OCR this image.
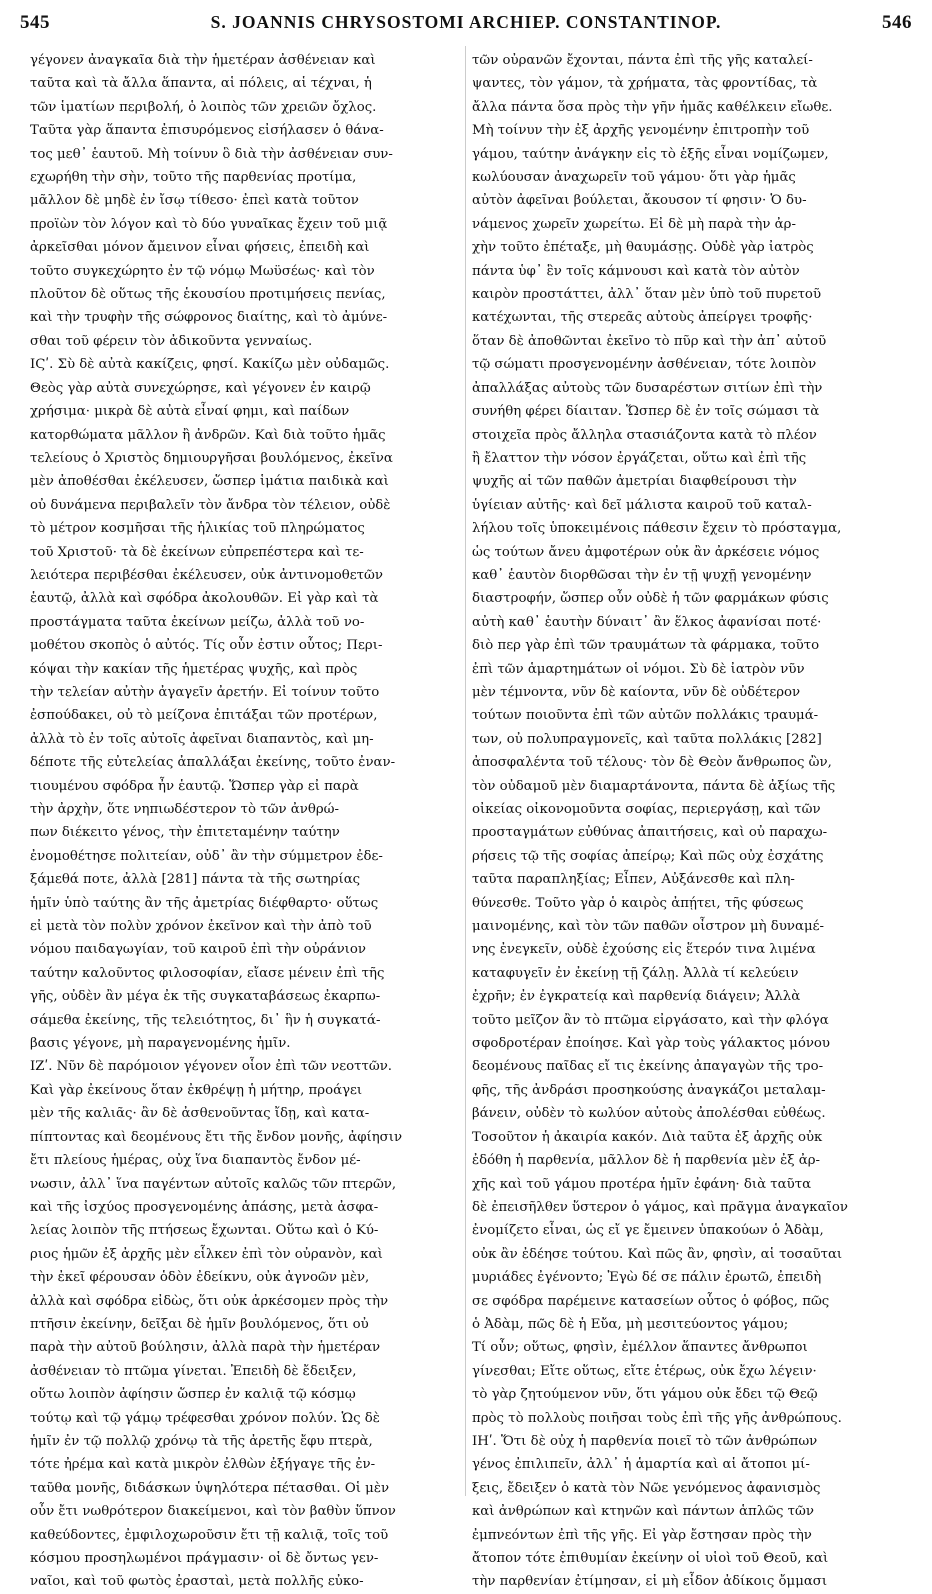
545	S. JOANNIS CHRYSOSTOMI ARCHIEP. CONSTANTINOP.	546

γέγονεν ἀναγκαῖα διὰ τὴν ἡμετέραν ἀσθένειαν καὶ

ταῦτα καὶ τὰ ἄλλα ἅπαντα, αἱ πόλεις, αἱ τέχναι, ἡ

τῶν ἱματίων περιβολή, ὁ λοιπὸς τῶν χρειῶν ὄχλος.

Ταῦτα γὰρ ἅπαντα ἐπισυρόμενος εἰσήλασεν ὁ θάνα-

τος μεθ᾽ ἑαυτοῦ. Μὴ τοίνυν ὃ διὰ τὴν ἀσθένειαν συν-

εχωρήθη τὴν σὴν, τοῦτο τῆς παρθενίας προτίμα,

μᾶλλον δὲ μηδὲ ἐν ἴσῳ τίθεσο· ἐπεὶ κατὰ τοῦτον

προϊὼν τὸν λόγον καὶ τὸ δύο γυναῖκας ἔχειν τοῦ μιᾷ

ἀρκεῖσθαι μόνον ἄμεινον εἶναι φήσεις, ἐπειδὴ καὶ

τοῦτο συγκεχώρητο ἐν τῷ νόμῳ Μωϋσέως· καὶ τὸν

πλοῦτον δὲ οὕτως τῆς ἑκουσίου προτιμήσεις πενίας,

καὶ τὴν τρυφὴν τῆς σώφρονος διαίτης, καὶ τὸ ἀμύνε-

σθαι τοῦ φέρειν τὸν ἀδικοῦντα γενναίως.

ΙϚʹ. Σὺ δὲ αὐτὰ κακίζεις, φησί. Κακίζω μὲν οὐδαμῶς.

Θεὸς γὰρ αὐτὰ συνεχώρησε, καὶ γέγονεν ἐν καιρῷ

χρήσιμα· μικρὰ δὲ αὐτὰ εἶναί φημι, καὶ παίδων

κατορθώματα μᾶλλον ἢ ἀνδρῶν. Καὶ διὰ τοῦτο ἡμᾶς

τελείους ὁ Χριστὸς δημιουργῆσαι βουλόμενος, ἐκεῖνα

μὲν ἀποθέσθαι ἐκέλευσεν, ὥσπερ ἱμάτια παιδικὰ καὶ

οὐ δυνάμενα περιβαλεῖν τὸν ἄνδρα τὸν τέλειον, οὐδὲ

τὸ μέτρον κοσμῆσαι τῆς ἡλικίας τοῦ πληρώματος

τοῦ Χριστοῦ· τὰ δὲ ἐκείνων εὐπρεπέστερα καὶ τε-

λειότερα περιβέσθαι ἐκέλευσεν, οὐκ ἀντινομοθετῶν

ἑαυτῷ, ἀλλὰ καὶ σφόδρα ἀκολουθῶν. Εἰ γὰρ καὶ τὰ

προστάγματα ταῦτα ἐκείνων μείζω, ἀλλὰ τοῦ νο-

μοθέτου σκοπὸς ὁ αὐτός. Τίς οὖν ἐστιν οὗτος; Περι-

κόψαι τὴν κακίαν τῆς ἡμετέρας ψυχῆς, καὶ πρὸς

τὴν τελείαν αὐτὴν ἀγαγεῖν ἀρετήν. Εἰ τοίνυν τοῦτο

ἐσπούδακει, οὐ τὸ μείζονα ἐπιτάξαι τῶν προτέρων,

ἀλλὰ τὸ ἐν τοῖς αὐτοῖς ἀφεῖναι διαπαντὸς, καὶ μη-

δέποτε τῆς εὐτελείας ἀπαλλάξαι ἐκείνης, τοῦτο ἐναν-

τιουμένου σφόδρα ἦν ἑαυτῷ. Ὥσπερ γὰρ εἰ παρὰ

τὴν ἀρχὴν, ὅτε νηπιωδέστερον τὸ τῶν ἀνθρώ-

πων διέκειτο γένος, τὴν ἐπιτεταμένην ταύτην

ἐνομοθέτησε πολιτείαν, οὐδ᾽ ἂν τὴν σύμμετρον ἐδε-

ξάμεθά ποτε, ἀλλὰ [281] πάντα τὰ τῆς σωτηρίας

ἡμῖν ὑπὸ ταύτης ἂν τῆς ἀμετρίας διέφθαρτο· οὕτως

εἰ μετὰ τὸν πολὺν χρόνον ἐκεῖνον καὶ τὴν ἀπὸ τοῦ

νόμου παιδαγωγίαν, τοῦ καιροῦ ἐπὶ τὴν οὐράνιον

ταύτην καλοῦντος φιλοσοφίαν, εἴασε μένειν ἐπὶ τῆς

γῆς, οὐδὲν ἂν μέγα ἐκ τῆς συγκαταβάσεως ἐκαρπω-

σάμεθα ἐκείνης, τῆς τελειότητος, δι᾽ ἣν ἡ συγκατά-

βασις γέγονε, μὴ παραγενομένης ἡμῖν.

ΙΖʹ. Νῦν δὲ παρόμοιον γέγονεν οἷον ἐπὶ τῶν νεοττῶν.

Καὶ γὰρ ἐκείνους ὅταν ἐκθρέψῃ ἡ μήτηρ, προάγει

μὲν τῆς καλιᾶς· ἂν δὲ ἀσθενοῦντας ἴδῃ, καὶ κατα-

πίπτοντας καὶ δεομένους ἔτι τῆς ἔνδον μονῆς, ἀφίησιν

ἔτι πλείους ἡμέρας, οὐχ ἵνα διαπαντὸς ἔνδον μέ-

νωσιν, ἀλλ᾽ ἵνα παγέντων αὐτοῖς καλῶς τῶν πτερῶν,

καὶ τῆς ἰσχύος προσγενομένης ἁπάσης, μετὰ ἀσφα-

λείας λοιπὸν τῆς πτήσεως ἔχωνται. Οὕτω καὶ ὁ Κύ-

ριος ἡμῶν ἐξ ἀρχῆς μὲν εἷλκεν ἐπὶ τὸν οὐρανὸν, καὶ

τὴν ἐκεῖ φέρουσαν ὁδὸν ἐδείκνυ, οὐκ ἀγνοῶν μὲν,

ἀλλὰ καὶ σφόδρα εἰδὼς, ὅτι οὐκ ἀρκέσομεν πρὸς τὴν

πτῆσιν ἐκείνην, δεῖξαι δὲ ἡμῖν βουλόμενος, ὅτι οὐ

παρὰ τὴν αὐτοῦ βούλησιν, ἀλλὰ παρὰ τὴν ἡμετέραν

ἀσθένειαν τὸ πτῶμα γίνεται. Ἐπειδὴ δὲ ἔδειξεν,

οὕτω λοιπὸν ἀφίησιν ὥσπερ ἐν καλιᾷ τῷ κόσμῳ

τούτῳ καὶ τῷ γάμῳ τρέφεσθαι χρόνον πολύν. Ὡς δὲ

ἡμῖν ἐν τῷ πολλῷ χρόνῳ τὰ τῆς ἀρετῆς ἔφυ πτερὰ,

τότε ἠρέμα καὶ κατὰ μικρὸν ἐλθὼν ἐξήγαγε τῆς ἐν-

ταῦθα μονῆς, διδάσκων ὑψηλότερα πέτασθαι. Οἱ μὲν

οὖν ἔτι νωθρότερον διακείμενοι, καὶ τὸν βαθὺν ὕπνον

καθεύδοντες, ἐμφιλοχωροῦσιν ἔτι τῇ καλιᾷ, τοῖς τοῦ

κόσμου προσηλωμένοι πράγμασιν· οἱ δὲ ὄντως γεν-

ναῖοι, καὶ τοῦ φωτὸς ἐρασταὶ, μετὰ πολλῆς εὐκο-

τῶν οὐρανῶν ἔχονται, πάντα ἐπὶ τῆς γῆς καταλεί-

ψαντες, τὸν γάμον, τὰ χρήματα, τὰς φροντίδας, τὰ

ἄλλα πάντα ὅσα πρὸς τὴν γῆν ἡμᾶς καθέλκειν εἴωθε.

Μὴ τοίνυν τὴν ἐξ ἀρχῆς γενομένην ἐπιτροπὴν τοῦ

γάμου, ταύτην ἀνάγκην εἰς τὸ ἑξῆς εἶναι νομίζωμεν,

κωλύουσαν ἀναχωρεῖν τοῦ γάμου· ὅτι γὰρ ἡμᾶς

αὐτὸν ἀφεῖναι βούλεται, ἄκουσον τί φησιν· Ὁ δυ-

νάμενος χωρεῖν χωρείτω. Εἰ δὲ μὴ παρὰ τὴν ἀρ-

χὴν τοῦτο ἐπέταξε, μὴ θαυμάσῃς. Οὐδὲ γὰρ ἰατρὸς

πάντα ὑφ᾽ ἓν τοῖς κάμνουσι καὶ κατὰ τὸν αὐτὸν

καιρὸν προστάττει, ἀλλ᾽ ὅταν μὲν ὑπὸ τοῦ πυρετοῦ

κατέχωνται, τῆς στερεᾶς αὐτοὺς ἀπείργει τροφῆς·

ὅταν δὲ ἀποθῶνται ἐκεῖνο τὸ πῦρ καὶ τὴν ἀπ᾽ αὐτοῦ

τῷ σώματι προσγενομένην ἀσθένειαν, τότε λοιπὸν

ἀπαλλάξας αὐτοὺς τῶν δυσαρέστων σιτίων ἐπὶ τὴν

συνήθη φέρει δίαιταν. Ὥσπερ δὲ ἐν τοῖς σώμασι τὰ

στοιχεῖα πρὸς ἄλληλα στασιάζοντα κατὰ τὸ πλέον

ἢ ἔλαττον τὴν νόσον ἐργάζεται, οὕτω καὶ ἐπὶ τῆς

ψυχῆς αἱ τῶν παθῶν ἀμετρίαι διαφθείρουσι τὴν

ὑγίειαν αὐτῆς· καὶ δεῖ μάλιστα καιροῦ τοῦ καταλ-

λήλου τοῖς ὑποκειμένοις πάθεσιν ἔχειν τὸ πρόσταγμα,

ὡς τούτων ἄνευ ἀμφοτέρων οὐκ ἂν ἀρκέσειε νόμος

καθ᾽ ἑαυτὸν διορθῶσαι τὴν ἐν τῇ ψυχῇ γενομένην

διαστροφήν, ὥσπερ οὖν οὐδὲ ἡ τῶν φαρμάκων φύσις

αὐτὴ καθ᾽ ἑαυτὴν δύναιτ᾽ ἂν ἕλκος ἀφανίσαι ποτέ·

διὸ περ γὰρ ἐπὶ τῶν τραυμάτων τὰ φάρμακα, τοῦτο

ἐπὶ τῶν ἁμαρτημάτων οἱ νόμοι. Σὺ δὲ ἰατρὸν νῦν

μὲν τέμνοντα, νῦν δὲ καίοντα, νῦν δὲ οὐδέτερον

τούτων ποιοῦντα ἐπὶ τῶν αὐτῶν πολλάκις τραυμά-

των, οὐ πολυπραγμονεῖς, καὶ ταῦτα πολλάκις [282]

ἀποσφαλέντα τοῦ τέλους· τὸν δὲ Θεὸν ἄνθρωπος ὢν,

τὸν οὐδαμοῦ μὲν διαμαρτάνοντα, πάντα δὲ ἀξίως τῆς

οἰκείας οἰκονομοῦντα σοφίας, περιεργάσῃ, καὶ τῶν

προσταγμάτων εὐθύνας ἀπαιτήσεις, καὶ οὐ παραχω-

ρήσεις τῷ τῆς σοφίας ἀπείρῳ; Καὶ πῶς οὐχ ἐσχάτης

ταῦτα παραπληξίας; Εἶπεν, Αὐξάνεσθε καὶ πλη-

θύνεσθε. Τοῦτο γὰρ ὁ καιρὸς ἀπῄτει, τῆς φύσεως

μαινομένης, καὶ τὸν τῶν παθῶν οἶστρον μὴ δυναμέ-

νης ἐνεγκεῖν, οὐδὲ ἐχούσης εἰς ἕτερόν τινα λιμένα

καταφυγεῖν ἐν ἐκείνῃ τῇ ζάλῃ. Ἀλλὰ τί κελεύειν

ἐχρῆν; ἐν ἐγκρατείᾳ καὶ παρθενίᾳ διάγειν; Ἀλλὰ

τοῦτο μεῖζον ἂν τὸ πτῶμα εἰργάσατο, καὶ τὴν φλόγα

σφοδροτέραν ἐποίησε. Καὶ γὰρ τοὺς γάλακτος μόνου

δεομένους παῖδας εἴ τις ἐκείνης ἀπαγαγὼν τῆς τρο-

φῆς, τῆς ἀνδράσι προσηκούσης ἀναγκάζοι μεταλαμ-

βάνειν, οὐδὲν τὸ κωλύον αὐτοὺς ἀπολέσθαι εὐθέως.

Τοσοῦτον ἡ ἀκαιρία κακόν. Διὰ ταῦτα ἐξ ἀρχῆς οὐκ

ἐδόθη ἡ παρθενία, μᾶλλον δὲ ἡ παρθενία μὲν ἐξ ἀρ-

χῆς καὶ τοῦ γάμου προτέρα ἡμῖν ἐφάνη· διὰ ταῦτα

δὲ ἐπεισῆλθεν ὕστερον ὁ γάμος, καὶ πρᾶγμα ἀναγκαῖον

ἐνομίζετο εἶναι, ὡς εἴ γε ἔμεινεν ὑπακούων ὁ Ἀδὰμ,

οὐκ ἂν ἐδέησε τούτου. Καὶ πῶς ἂν, φησὶν, αἱ τοσαῦται

μυριάδες ἐγένοντο; Ἐγὼ δέ σε πάλιν ἐρωτῶ, ἐπειδὴ

σε σφόδρα παρέμεινε κατασείων οὗτος ὁ φόβος, πῶς

ὁ Ἀδὰμ, πῶς δὲ ἡ Εὔα, μὴ μεσιτεύοντος γάμου;

Τί οὖν; οὕτως, φησὶν, ἐμέλλον ἅπαντες ἄνθρωποι

γίνεσθαι; Εἴτε οὕτως, εἴτε ἑτέρως, οὐκ ἔχω λέγειν·

τὸ γὰρ ζητούμενον νῦν, ὅτι γάμου οὐκ ἔδει τῷ Θεῷ

πρὸς τὸ πολλοὺς ποιῆσαι τοὺς ἐπὶ τῆς γῆς ἀνθρώπους.

ΙΗʹ. Ὅτι δὲ οὐχ ἡ παρθενία ποιεῖ τὸ τῶν ἀνθρώπων

γένος ἐπιλιπεῖν, ἀλλ᾽ ἡ ἁμαρτία καὶ αἱ ἄτοποι μί-

ξεις, ἔδειξεν ὁ κατὰ τὸν Νῶε γενόμενος ἀφανισμὸς

καὶ ἀνθρώπων καὶ κτηνῶν καὶ πάντων ἁπλῶς τῶν

ἐμπνεόντων ἐπὶ τῆς γῆς. Εἰ γὰρ ἔστησαν πρὸς τὴν

ἄτοπον τότε ἐπιθυμίαν ἐκείνην οἱ υἱοὶ τοῦ Θεοῦ, καὶ

τὴν παρθενίαν ἐτίμησαν, εἰ μὴ εἶδον ἀδίκοις ὄμμασι
